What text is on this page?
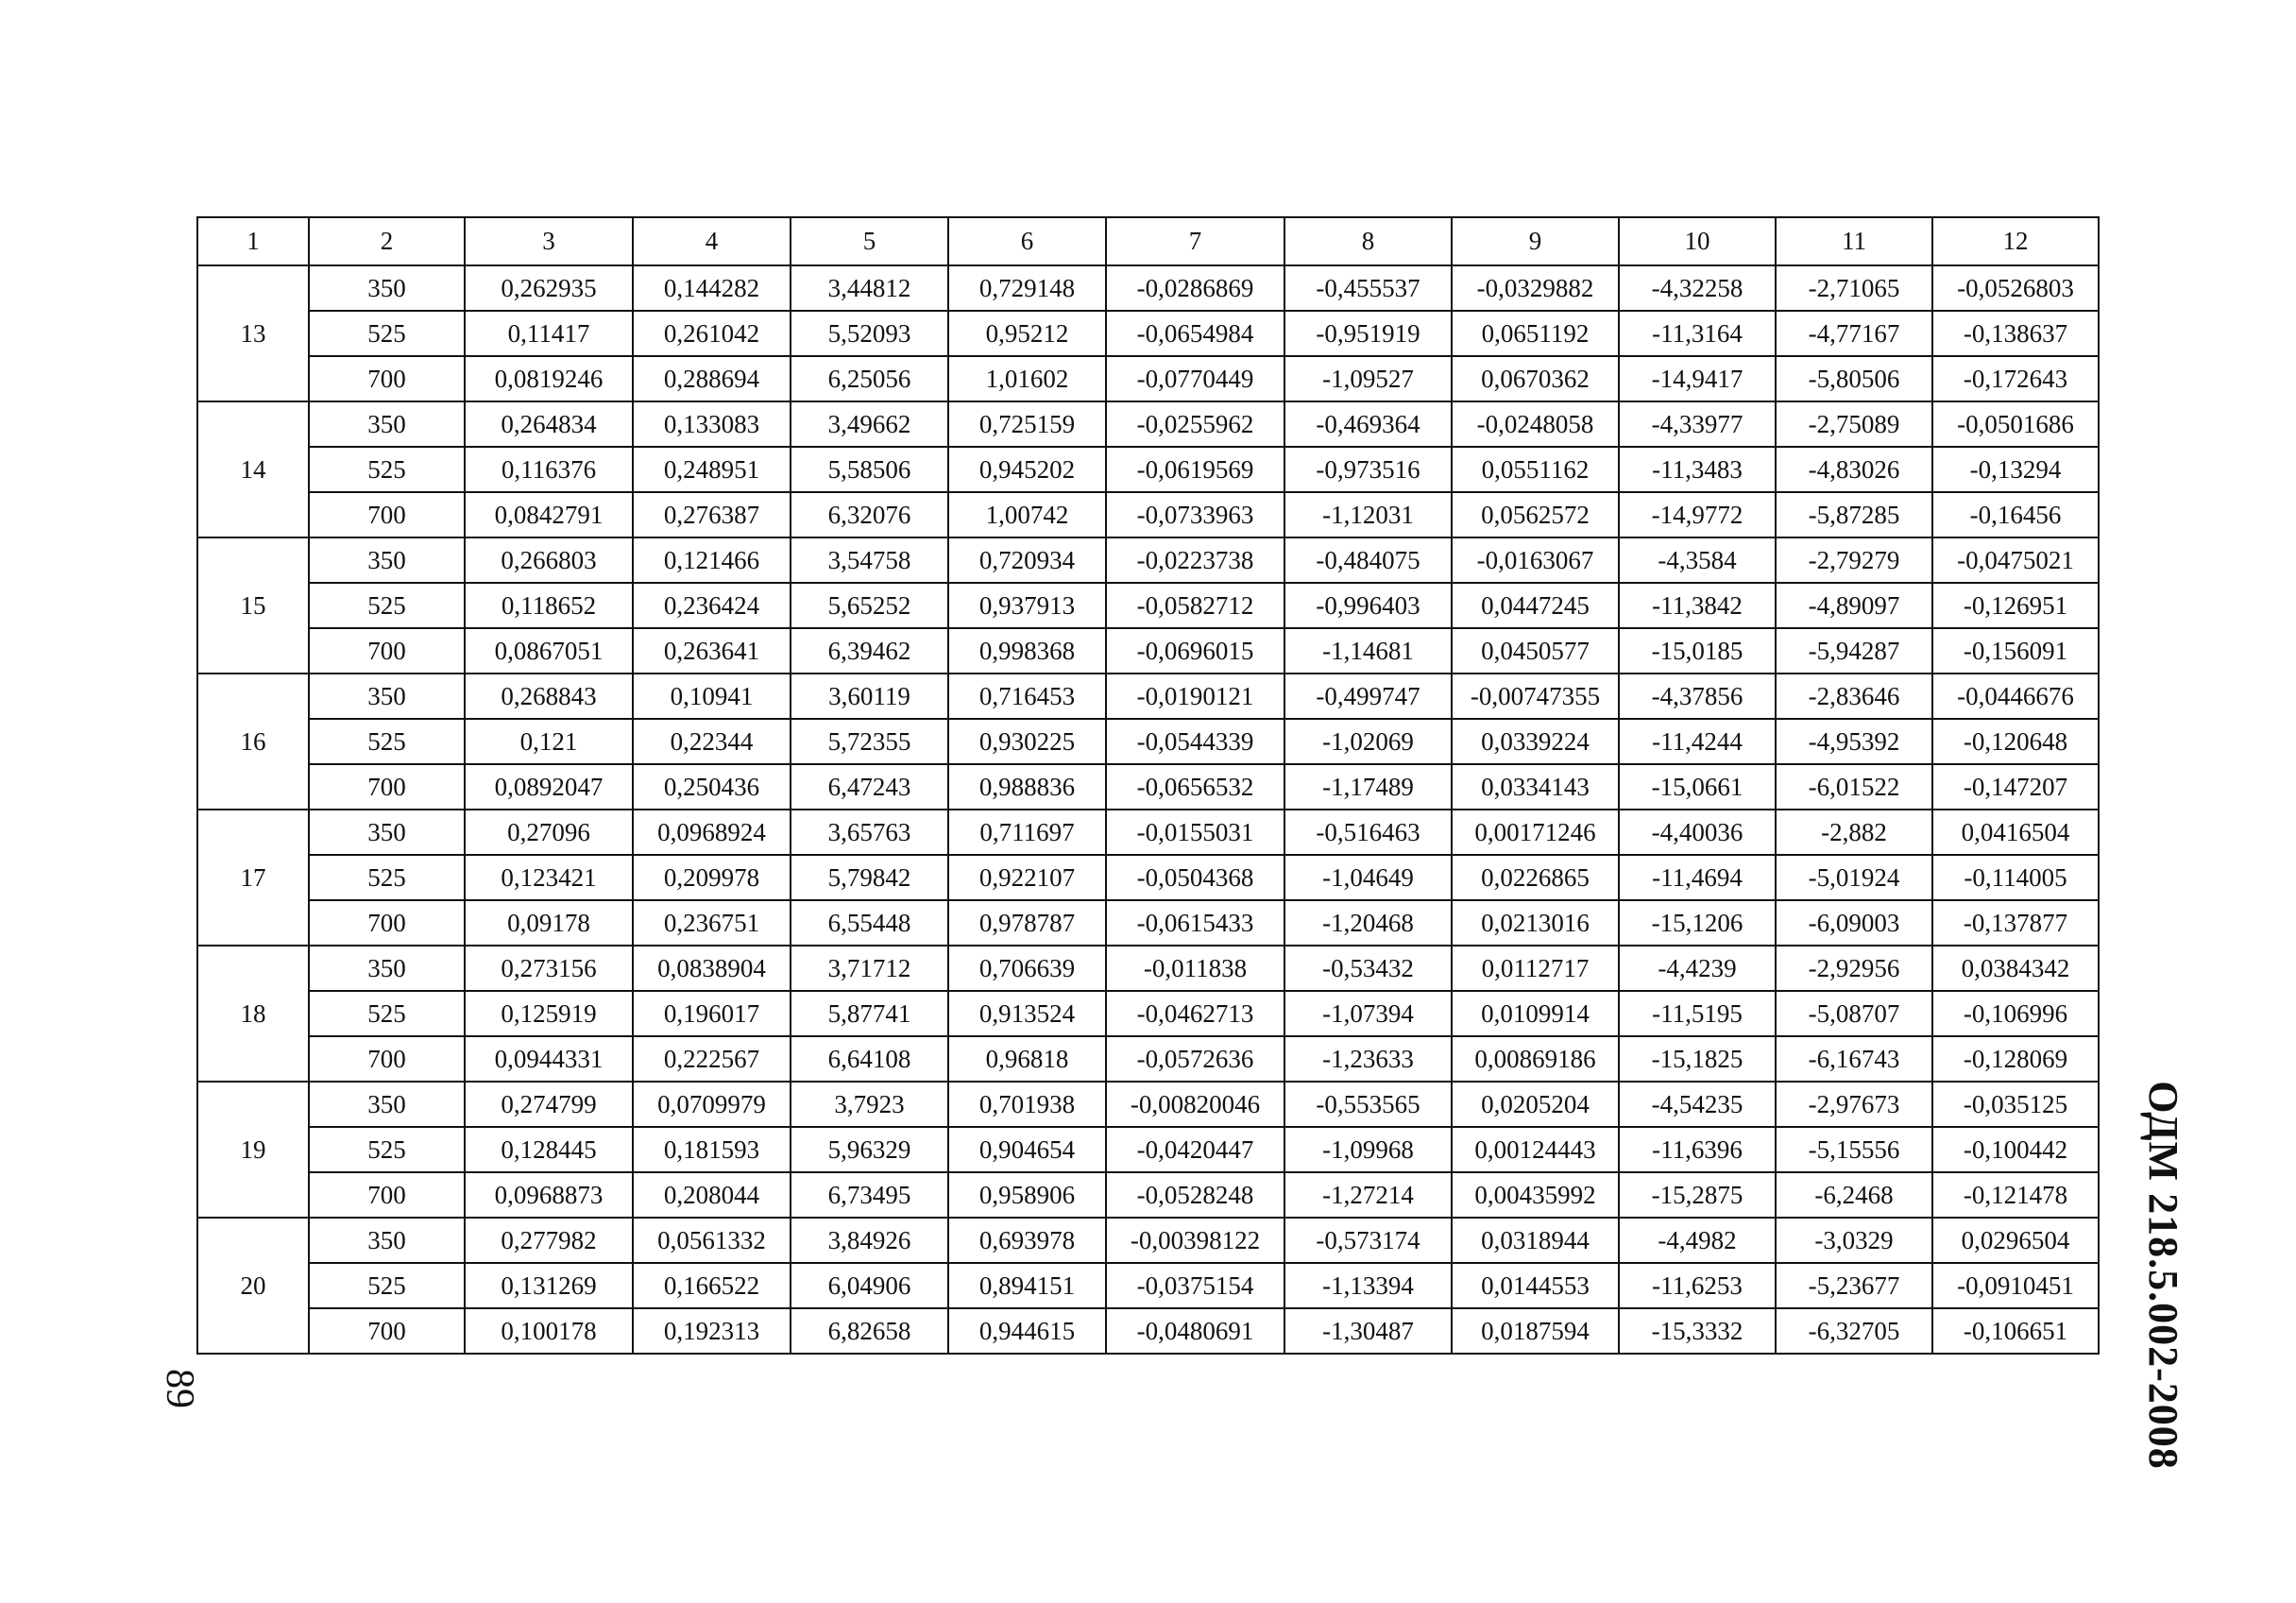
1	2	3	4	5	6	7	8	9	10	11	12
13	350	0,262935	0,144282	3,44812	0,729148	-0,0286869	-0,455537	-0,0329882	-4,32258	-2,71065	-0,0526803
	525	0,11417	0,261042	5,52093	0,95212	-0,0654984	-0,951919	0,0651192	-11,3164	-4,77167	-0,138637
	700	0,0819246	0,288694	6,25056	1,01602	-0,0770449	-1,09527	0,0670362	-14,9417	-5,80506	-0,172643
14	350	0,264834	0,133083	3,49662	0,725159	-0,0255962	-0,469364	-0,0248058	-4,33977	-2,75089	-0,0501686
	525	0,116376	0,248951	5,58506	0,945202	-0,0619569	-0,973516	0,0551162	-11,3483	-4,83026	-0,13294
	700	0,0842791	0,276387	6,32076	1,00742	-0,0733963	-1,12031	0,0562572	-14,9772	-5,87285	-0,16456
15	350	0,266803	0,121466	3,54758	0,720934	-0,0223738	-0,484075	-0,0163067	-4,3584	-2,79279	-0,0475021
	525	0,118652	0,236424	5,65252	0,937913	-0,0582712	-0,996403	0,0447245	-11,3842	-4,89097	-0,126951
	700	0,0867051	0,263641	6,39462	0,998368	-0,0696015	-1,14681	0,0450577	-15,0185	-5,94287	-0,156091
16	350	0,268843	0,10941	3,60119	0,716453	-0,0190121	-0,499747	-0,00747355	-4,37856	-2,83646	-0,0446676
	525	0,121	0,22344	5,72355	0,930225	-0,0544339	-1,02069	0,0339224	-11,4244	-4,95392	-0,120648
	700	0,0892047	0,250436	6,47243	0,988836	-0,0656532	-1,17489	0,0334143	-15,0661	-6,01522	-0,147207
17	350	0,27096	0,0968924	3,65763	0,711697	-0,0155031	-0,516463	0,00171246	-4,40036	-2,882	0,0416504
	525	0,123421	0,209978	5,79842	0,922107	-0,0504368	-1,04649	0,0226865	-11,4694	-5,01924	-0,114005
	700	0,09178	0,236751	6,55448	0,978787	-0,0615433	-1,20468	0,0213016	-15,1206	-6,09003	-0,137877
18	350	0,273156	0,0838904	3,71712	0,706639	-0,011838	-0,53432	0,0112717	-4,4239	-2,92956	0,0384342
	525	0,125919	0,196017	5,87741	0,913524	-0,0462713	-1,07394	0,0109914	-11,5195	-5,08707	-0,106996
	700	0,0944331	0,222567	6,64108	0,96818	-0,0572636	-1,23633	0,00869186	-15,1825	-6,16743	-0,128069
19	350	0,274799	0,0709979	3,7923	0,701938	-0,00820046	-0,553565	0,0205204	-4,54235	-2,97673	-0,035125
	525	0,128445	0,181593	5,96329	0,904654	-0,0420447	-1,09968	0,00124443	-11,6396	-5,15556	-0,100442
	700	0,0968873	0,208044	6,73495	0,958906	-0,0528248	-1,27214	0,00435992	-15,2875	-6,2468	-0,121478
20	350	0,277982	0,0561332	3,84926	0,693978	-0,00398122	-0,573174	0,0318944	-4,4982	-3,0329	0,0296504
	525	0,131269	0,166522	6,04906	0,894151	-0,0375154	-1,13394	0,0144553	-11,6253	-5,23677	-0,0910451
	700	0,100178	0,192313	6,82658	0,944615	-0,0480691	-1,30487	0,0187594	-15,3332	-6,32705	-0,106651
89	ОДМ 218.5.002-2008
